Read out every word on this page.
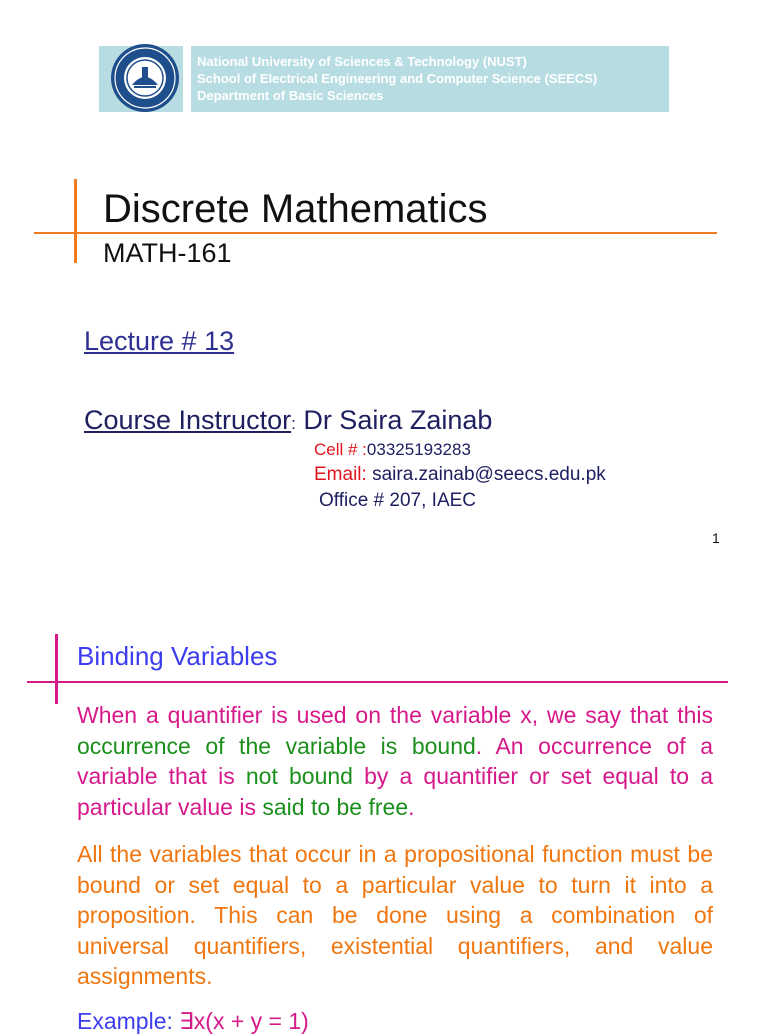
National University of Sciences & Technology (NUST)
School of Electrical Engineering and Computer Science (SEECS)
Department of Basic Sciences
Discrete Mathematics
MATH-161
Lecture # 13
Course Instructor: Dr Saira Zainab
Cell # :03325193283
Email: saira.zainab@seecs.edu.pk
Office # 207, IAEC
1
Binding Variables
When a quantifier is used on the variable x, we say that this occurrence of the variable is bound. An occurrence of a variable that is not bound by a quantifier or set equal to a particular value is said to be free.
All the variables that occur in a propositional function must be bound or set equal to a particular value to turn it into a proposition. This can be done using a combination of universal quantifiers, existential quantifiers, and value assignments.
Example: ∃x(x + y = 1)
